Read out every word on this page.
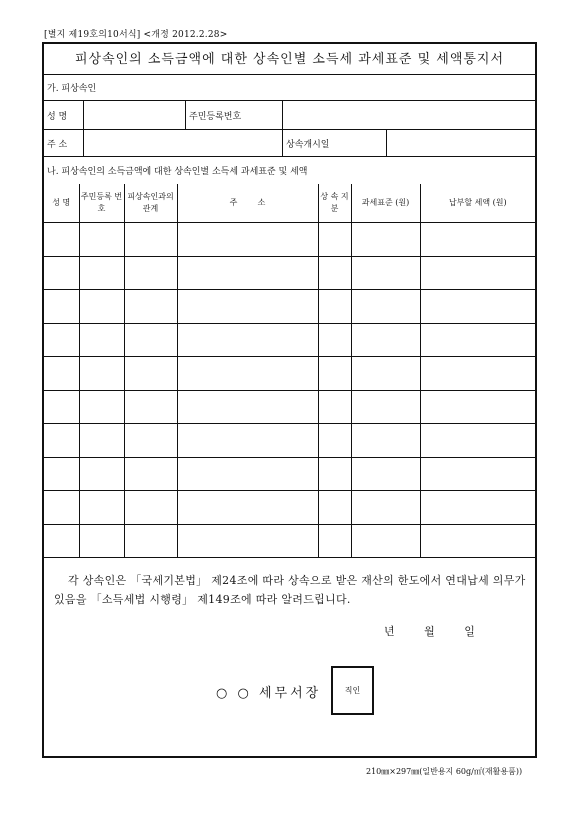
[별지 제19호의10서식] <개정 2012.2.28>
피상속인의 소득금액에 대한 상속인별 소득세 과세표준 및 세액통지서
가. 피상속인
성 명	주민등록번호
주 소	상속개시일
나. 피상속인의 소득금액에 대한 상속인별 소득세 과세표준 및 세액
성 명	주민등록 번 호	피상속인과의 관계	주        소	상 속 지 분	과세표준 (원)	납부할 세액 (원)

각 상속인은 「국세기본법」 제24조에 따라 상속으로 받은 재산의 한도에서 연대납세 의무가 있음을 「소득세법 시행령」 제149조에 따라 알려드립니다.
년 월 일
○ ○ 세무서장	직인
210㎜×297㎜(일반용지 60g/㎡(재활용품))
